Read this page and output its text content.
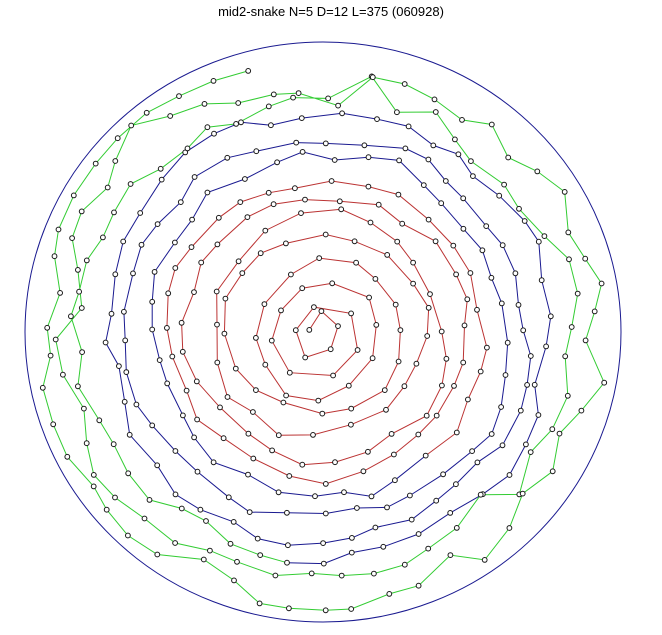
mid2-snake N=5 D=12 L=375 (060928)
